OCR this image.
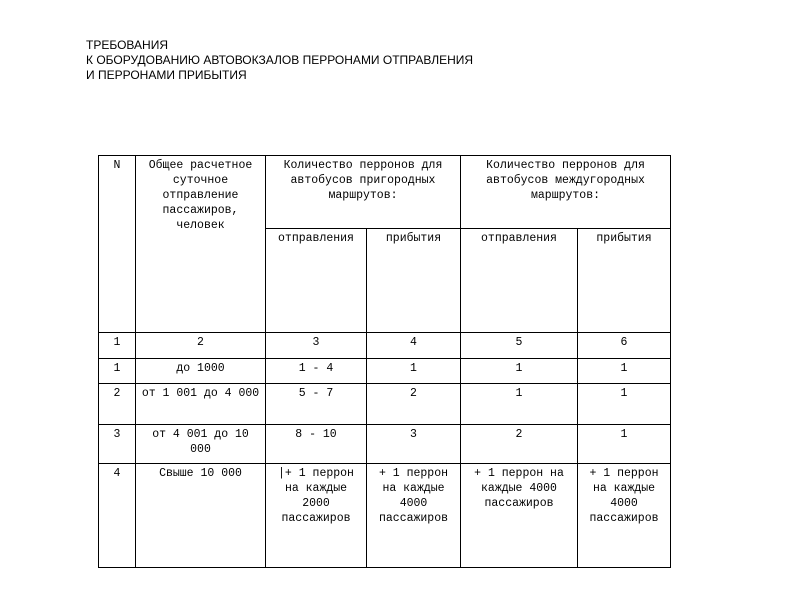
ТРЕБОВАНИЯ
К ОБОРУДОВАНИЮ АВТОВОКЗАЛОВ ПЕРРОНАМИ ОТПРАВЛЕНИЯ
И ПЕРРОНАМИ ПРИБЫТИЯ
N	Общее расчетное суточное отправление пассажиров, человек	Количество перронов для автобусов пригородных маршрутов:		Количество перронов для автобусов междугородных маршрутов:	
		отправления	прибытия	отправления	прибытия
1	2	3	4	5	6
1	до 1000	1 - 4	1	1	1
2	от 1 001 до 4 000	5 - 7	2	1	1
3	от 4 001 до 10 000	8 - 10	3	2	1
4	Свыше 10 000	|+ 1 перрон на каждые 2000 пассажиров	+ 1 перрон на каждые 4000 пассажиров	+ 1 перрон на каждые 4000 пассажиров	+ 1 перрон на каждые 4000 пассажиров
